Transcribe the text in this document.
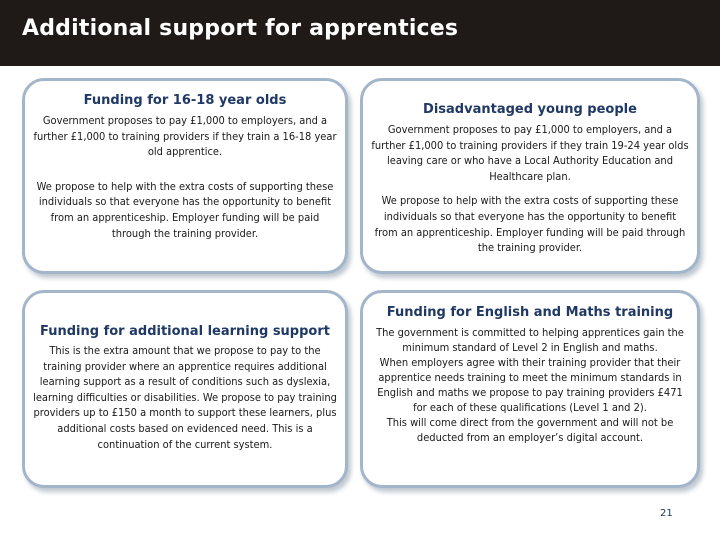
Additional support for apprentices
Funding for 16-18 year olds

Government proposes to pay £1,000 to employers, and a further £1,000 to training providers if they train a 16-18 year old apprentice.

We propose to help with the extra costs of supporting these individuals so that everyone has the opportunity to benefit from an apprenticeship. Employer funding will be paid through the training provider.

Disadvantaged young people

Government proposes to pay £1,000 to employers, and a further £1,000 to training providers if they train 19-24 year olds leaving care or who have a Local Authority Education and Healthcare plan.

We propose to help with the extra costs of supporting these individuals so that everyone has the opportunity to benefit from an apprenticeship. Employer funding will be paid through the training provider.

Funding for additional learning support

This is the extra amount that we propose to pay to the training provider where an apprentice requires additional learning support as a result of conditions such as dyslexia, learning difficulties or disabilities. We propose to pay training providers up to £150 a month to support these learners, plus additional costs based on evidenced need. This is a continuation of the current system.

Funding for English and Maths training

The government is committed to helping apprentices gain the minimum standard of Level 2 in English and maths.

When employers agree with their training provider that their apprentice needs training to meet the minimum standards in English and maths we propose to pay training providers £471 for each of these qualifications (Level 1 and 2).

This will come direct from the government and will not be deducted from an employer’s digital account.

21
